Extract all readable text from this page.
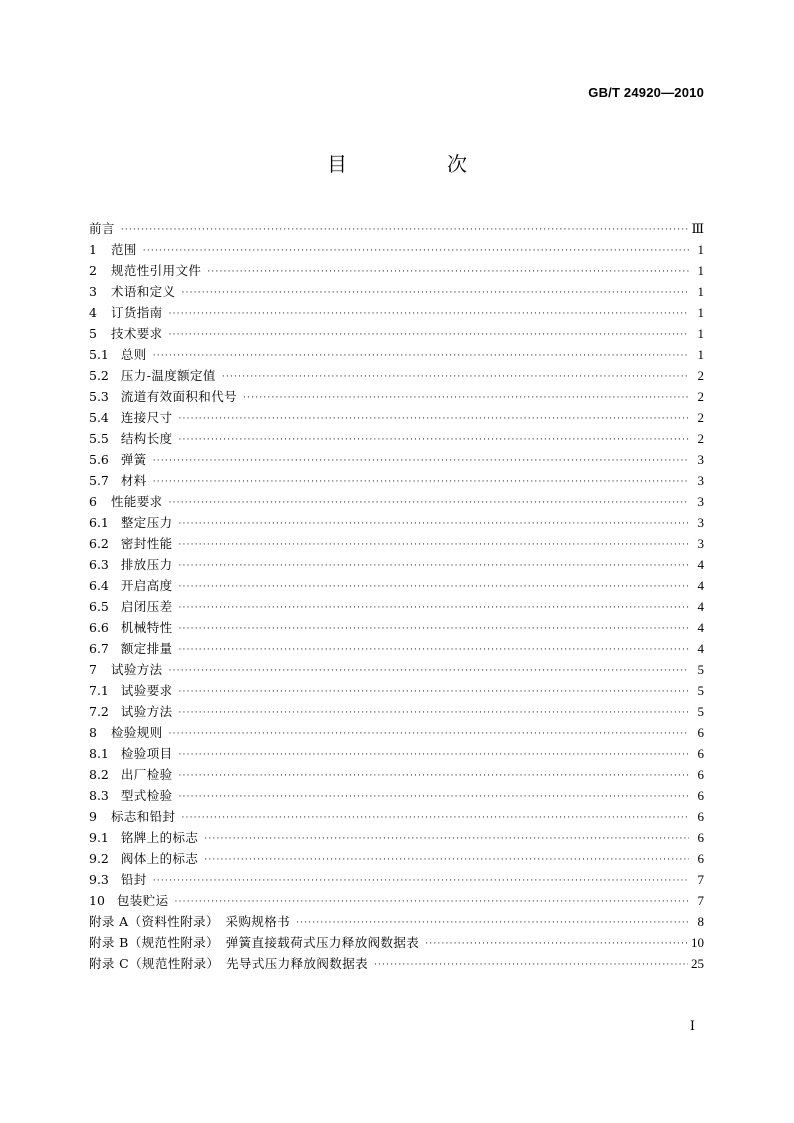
GB/T 24920—2010
目　次
前言 ·····	Ⅲ
1 范围 ·····	1
2 规范性引用文件 ·····	1
3 术语和定义 ·····	1
4 订货指南 ·····	1
5 技术要求 ·····	1
5.1 总则 ·····	1
5.2 压力-温度额定值 ·····	2
5.3 流道有效面积和代号 ·····	2
5.4 连接尺寸 ·····	2
5.5 结构长度 ·····	2
5.6 弹簧 ·····	3
5.7 材料 ·····	3
6 性能要求 ·····	3
6.1 整定压力 ·····	3
6.2 密封性能 ·····	3
6.3 排放压力 ·····	4
6.4 开启高度 ·····	4
6.5 启闭压差 ·····	4
6.6 机械特性 ·····	4
6.7 额定排量 ·····	4
7 试验方法 ·····	5
7.1 试验要求 ·····	5
7.2 试验方法 ·····	5
8 检验规则 ·····	6
8.1 检验项目 ·····	6
8.2 出厂检验 ·····	6
8.3 型式检验 ·····	6
9 标志和铅封 ·····	6
9.1 铭牌上的标志 ·····	6
9.2 阀体上的标志 ·····	6
9.3 铅封 ·····	7
10 包装贮运 ·····	7
附录 A（资料性附录）　采购规格书 ·····	8
附录 B（规范性附录）　弹簧直接载荷式压力释放阀数据表 ·····	10
附录 C（规范性附录）　先导式压力释放阀数据表 ·····	25
Ⅰ
